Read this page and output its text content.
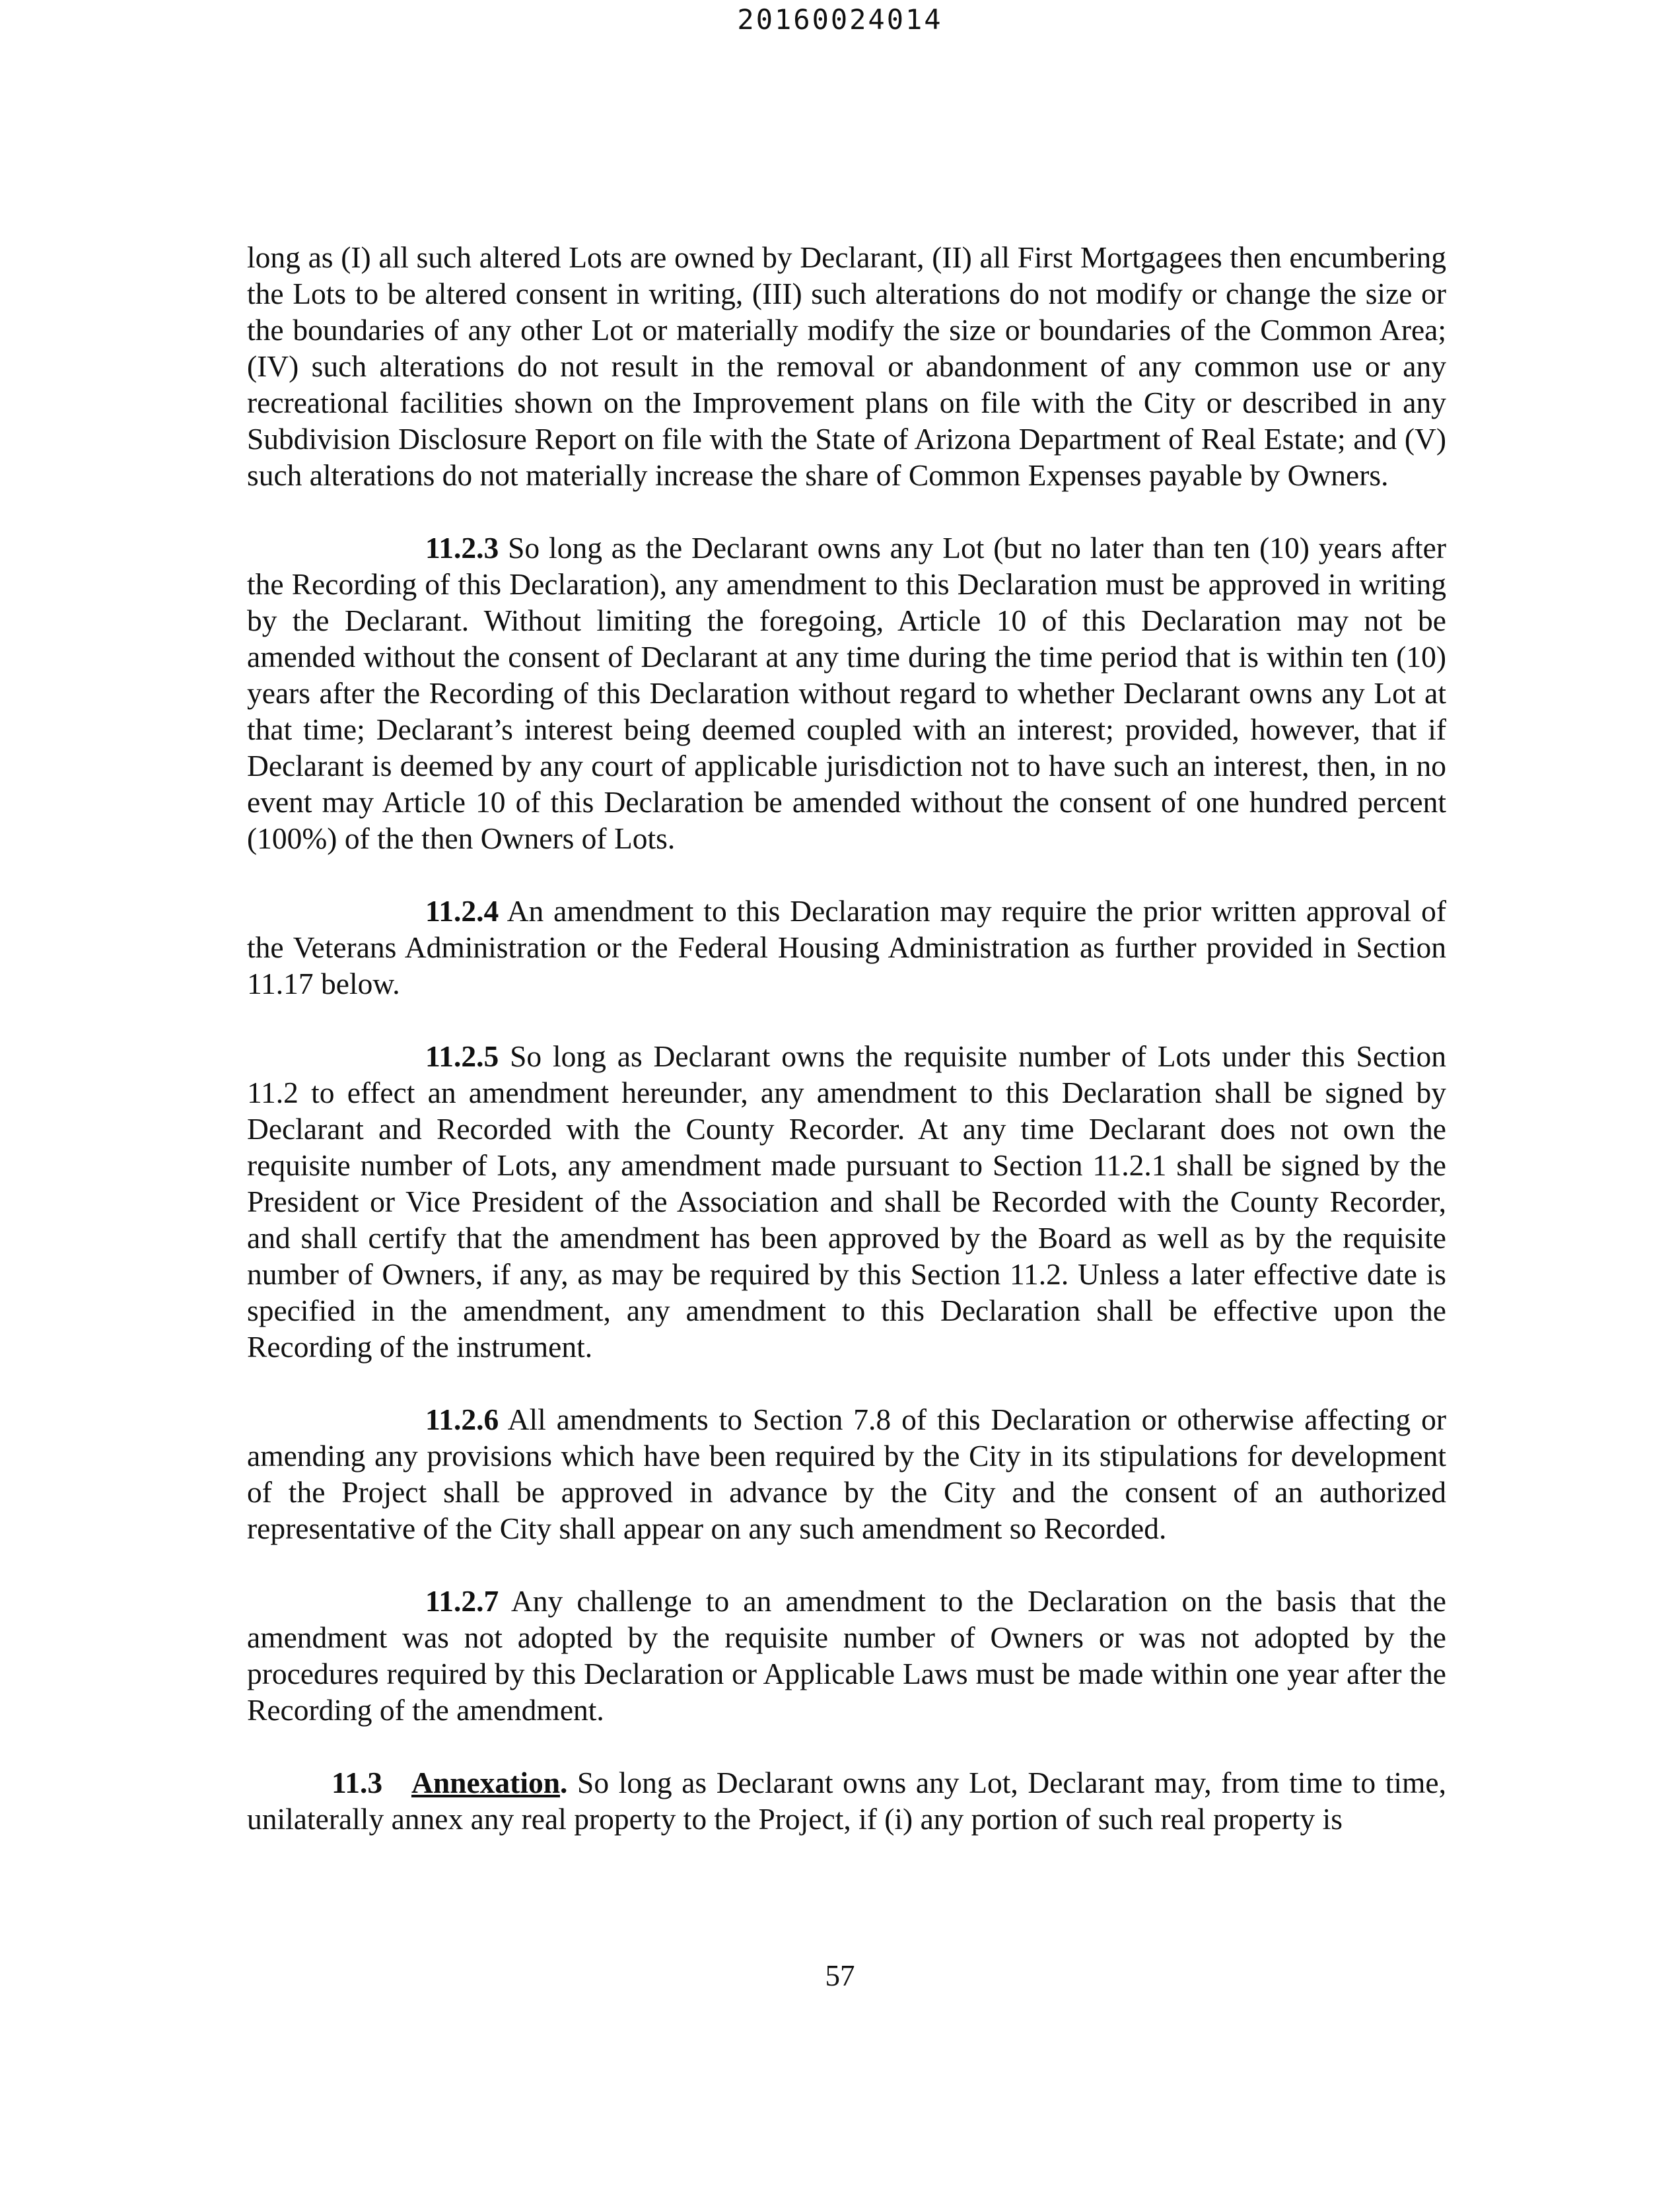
20160024014

long as (I) all such altered Lots are owned by Declarant, (II) all First Mortgagees then encumbering the Lots to be altered consent in writing, (III) such alterations do not modify or change the size or the boundaries of any other Lot or materially modify the size or boundaries of the Common Area; (IV) such alterations do not result in the removal or abandonment of any common use or any recreational facilities shown on the Improvement plans on file with the City or described in any Subdivision Disclosure Report on file with the State of Arizona Department of Real Estate; and (V) such alterations do not materially increase the share of Common Expenses payable by Owners.

11.2.3 So long as the Declarant owns any Lot (but no later than ten (10) years after the Recording of this Declaration), any amendment to this Declaration must be approved in writing by the Declarant. Without limiting the foregoing, Article 10 of this Declaration may not be amended without the consent of Declarant at any time during the time period that is within ten (10) years after the Recording of this Declaration without regard to whether Declarant owns any Lot at that time; Declarant’s interest being deemed coupled with an interest; provided, however, that if Declarant is deemed by any court of applicable jurisdiction not to have such an interest, then, in no event may Article 10 of this Declaration be amended without the consent of one hundred percent (100%) of the then Owners of Lots.

11.2.4 An amendment to this Declaration may require the prior written approval of the Veterans Administration or the Federal Housing Administration as further provided in Section 11.17 below.

11.2.5 So long as Declarant owns the requisite number of Lots under this Section 11.2 to effect an amendment hereunder, any amendment to this Declaration shall be signed by Declarant and Recorded with the County Recorder. At any time Declarant does not own the requisite number of Lots, any amendment made pursuant to Section 11.2.1 shall be signed by the President or Vice President of the Association and shall be Recorded with the County Recorder, and shall certify that the amendment has been approved by the Board as well as by the requisite number of Owners, if any, as may be required by this Section 11.2. Unless a later effective date is specified in the amendment, any amendment to this Declaration shall be effective upon the Recording of the instrument.

11.2.6 All amendments to Section 7.8 of this Declaration or otherwise affecting or amending any provisions which have been required by the City in its stipulations for development of the Project shall be approved in advance by the City and the consent of an authorized representative of the City shall appear on any such amendment so Recorded.

11.2.7 Any challenge to an amendment to the Declaration on the basis that the amendment was not adopted by the requisite number of Owners or was not adopted by the procedures required by this Declaration or Applicable Laws must be made within one year after the Recording of the amendment.

11.3 Annexation. So long as Declarant owns any Lot, Declarant may, from time to time, unilaterally annex any real property to the Project, if (i) any portion of such real property is

57
